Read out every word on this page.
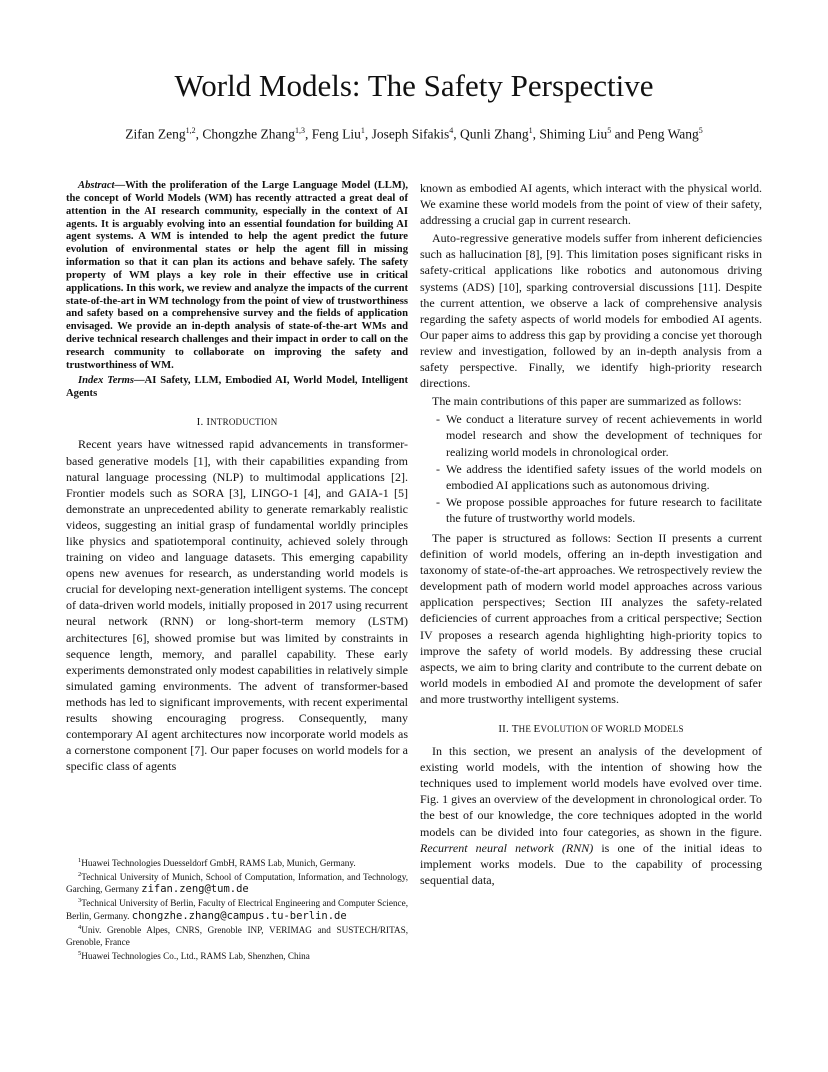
World Models: The Safety Perspective

Zifan Zeng$^{1,2}$, Chongzhe Zhang$^{1,3}$, Feng Liu$^1$, Joseph Sifakis$^4$, Qunli Zhang$^1$, Shiming Liu$^5$ and Peng Wang$^5$

Abstract—With the proliferation of the Large Language Model (LLM), the concept of World Models (WM) has recently attracted a great deal of attention in the AI research community, especially in the context of AI agents. It is arguably evolving into an essential foundation for building AI agent systems. A WM is intended to help the agent predict the future evolution of environmental states or help the agent fill in missing information so that it can plan its actions and behave safely. The safety property of WM plays a key role in their effective use in critical applications. In this work, we review and analyze the impacts of the current state-of-the-art in WM technology from the point of view of trustworthiness and safety based on a comprehensive survey and the fields of application envisaged. We provide an in-depth analysis of state-of-the-art WMs and derive technical research challenges and their impact in order to call on the research community to collaborate on improving the safety and trustworthiness of WM.

Index Terms—AI Safety, LLM, Embodied AI, World Model, Intelligent Agents

I. INTRODUCTION

Recent years have witnessed rapid advancements in transformer-based generative models [1], with their capabilities expanding from natural language processing (NLP) to multimodal applications [2]. Frontier models such as SORA [3], LINGO-1 [4], and GAIA-1 [5] demonstrate an unprecedented ability to generate remarkably realistic videos, suggesting an initial grasp of fundamental worldly principles like physics and spatiotemporal continuity, achieved solely through training on video and language datasets. This emerging capability opens new avenues for research, as understanding world models is crucial for developing next-generation intelligent systems. The concept of data-driven world models, initially proposed in 2017 using recurrent neural network (RNN) or long-short-term memory (LSTM) architectures [6], showed promise but was limited by constraints in sequence length, memory, and parallel capability. These early experiments demonstrated only modest capabilities in relatively simple simulated gaming environments. The advent of transformer-based methods has led to significant improvements, with recent experimental results showing encouraging progress. Consequently, many contemporary AI agent architectures now incorporate world models as a cornerstone component [7]. Our paper focuses on world models for a specific class of agents

known as embodied AI agents, which interact with the physical world. We examine these world models from the point of view of their safety, addressing a crucial gap in current research.

Auto-regressive generative models suffer from inherent deficiencies such as hallucination [8], [9]. This limitation poses significant risks in safety-critical applications like robotics and autonomous driving systems (ADS) [10], sparking controversial discussions [11]. Despite the current attention, we observe a lack of comprehensive analysis regarding the safety aspects of world models for embodied AI agents. Our paper aims to address this gap by providing a concise yet thorough review and investigation, followed by an in-depth analysis from a safety perspective. Finally, we identify high-priority research directions.

The main contributions of this paper are summarized as follows:

- We conduct a literature survey of recent achievements in world model research and show the development of techniques for realizing world models in chronological order.
- We address the identified safety issues of the world models on embodied AI applications such as autonomous driving.
- We propose possible approaches for future research to facilitate the future of trustworthy world models.

The paper is structured as follows: Section II presents a current definition of world models, offering an in-depth investigation and taxonomy of state-of-the-art approaches. We retrospectively review the development path of modern world model approaches across various application perspectives; Section III analyzes the safety-related deficiencies of current approaches from a critical perspective; Section IV proposes a research agenda highlighting high-priority topics to improve the safety of world models. By addressing these crucial aspects, we aim to bring clarity and contribute to the current debate on world models in embodied AI and promote the development of safer and more trustworthy intelligent systems.

II. THE EVOLUTION OF WORLD MODELS

In this section, we present an analysis of the development of existing world models, with the intention of showing how the techniques used to implement world models have evolved over time. Fig. 1 gives an overview of the development in chronological order. To the best of our knowledge, the core techniques adopted in the world models can be divided into four categories, as shown in the figure. Recurrent neural network (RNN) is one of the initial ideas to implement works models. Due to the capability of processing sequential data,

$^1$Huawei Technologies Duesseldorf GmbH, RAMS Lab, Munich, Germany.

$^2$Technical University of Munich, School of Computation, Information, and Technology, Garching, Germany zifan.zeng@tum.de

$^3$Technical University of Berlin, Faculty of Electrical Engineering and Computer Science, Berlin, Germany. chongzhe.zhang@campus.tu-berlin.de

$^4$Univ. Grenoble Alpes, CNRS, Grenoble INP, VERIMAG and SUSTECH/RITAS, Grenoble, France

$^5$Huawei Technologies Co., Ltd., RAMS Lab, Shenzhen, China
